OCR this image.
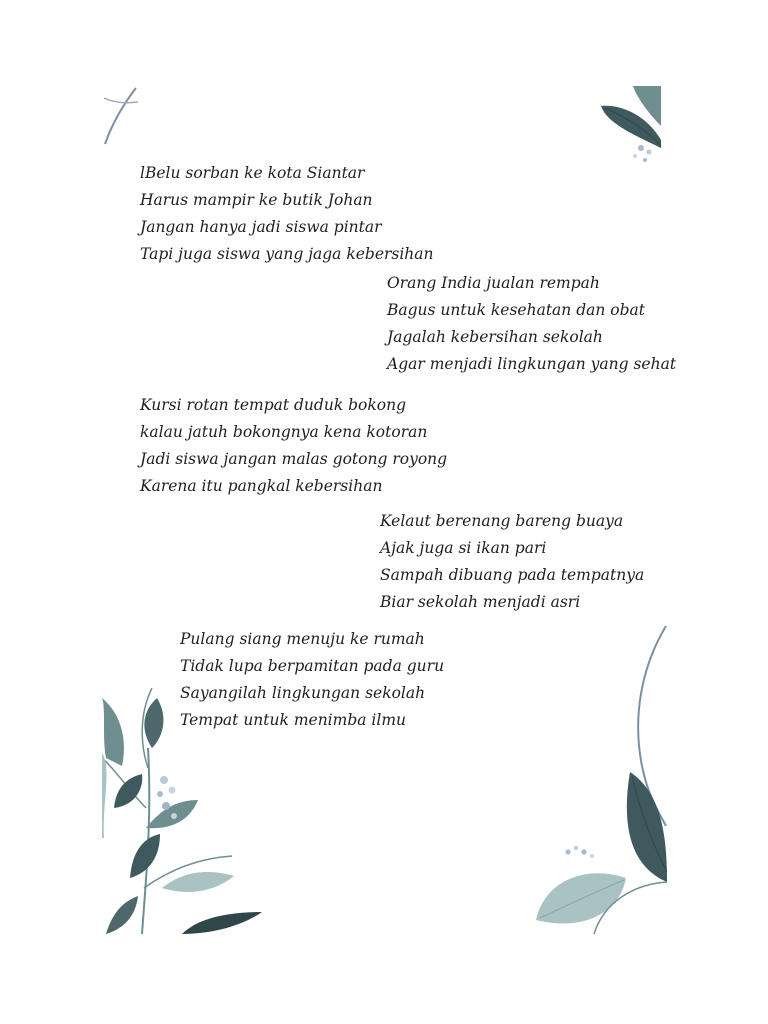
lBelu sorban ke kota Siantar
Harus mampir ke butik Johan
Jangan hanya jadi siswa pintar
Tapi juga siswa yang jaga kebersihan
Orang India jualan rempah
Bagus untuk kesehatan dan obat
Jagalah kebersihan sekolah
Agar menjadi lingkungan yang sehat
Kursi rotan tempat duduk bokong
kalau jatuh bokongnya kena kotoran
Jadi siswa jangan malas gotong royong
Karena itu pangkal kebersihan
Kelaut berenang bareng buaya
Ajak juga si ikan pari
Sampah dibuang pada tempatnya
Biar sekolah menjadi asri
Pulang siang menuju ke rumah
Tidak lupa berpamitan pada guru
Sayangilah lingkungan sekolah
Tempat untuk menimba ilmu
